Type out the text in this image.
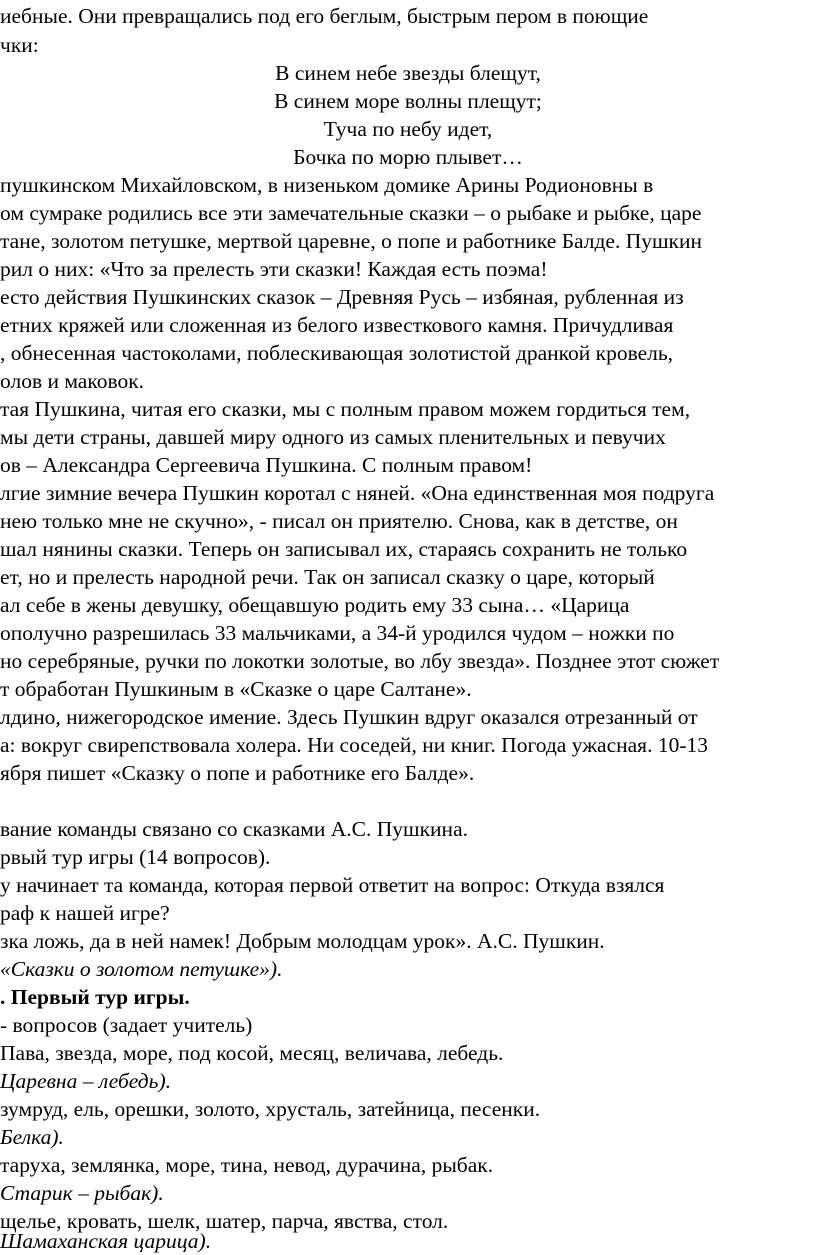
иебные. Они превращались под его беглым, быстрым пером в поющие
чки:
В синем небе звезды блещут,
В синем море волны плещут;
Туча по небу идет,
Бочка по морю плывет…
пушкинском Михайловском, в низеньком домике Арины Родионовны в
ом сумраке родились все эти замечательные сказки – о рыбаке и рыбке, царе
тане, золотом петушке, мертвой царевне, о попе и работнике Балде. Пушкин
рил о них: «Что за прелесть эти сказки! Каждая есть поэма!
есто действия Пушкинских сказок – Древняя Русь – избяная, рубленная из
етних кряжей или сложенная из белого известкового камня. Причудливая
, обнесенная частоколами, поблескивающая золотистой дранкой кровель,
олов и маковок.
тая Пушкина, читая его сказки, мы с полным правом можем гордиться тем,
мы дети страны, давшей миру одного из самых пленительных и певучих
ов – Александра Сергеевича Пушкина. С полным правом!
лгие зимние вечера Пушкин коротал с няней. «Она единственная моя подруга
нею только мне не скучно», - писал он приятелю. Снова, как в детстве, он
шал нянины сказки. Теперь он записывал их, стараясь сохранить не только
ет, но и прелесть народной речи. Так он записал сказку о царе, который
ал себе в жены девушку, обещавшую родить ему 33 сына… «Царица
ополучно разрешилась 33 мальчиками, а 34-й уродился чудом – ножки по
но серебряные, ручки по локотки золотые, во лбу звезда». Позднее этот сюжет
т обработан Пушкиным в «Сказке о царе Салтане».
лдино, нижегородское имение. Здесь Пушкин вдруг оказался отрезанный от
а: вокруг свирепствовала холера. Ни соседей, ни книг. Погода ужасная. 10-13
ября пишет «Сказку о попе и работнике его Балде».
вание команды связано со сказками А.С. Пушкина.
рвый тур игры (14 вопросов).
у начинает та команда, которая первой ответит на вопрос: Откуда взялся
раф к нашей игре?
зка ложь, да в ней намек! Добрым молодцам урок». А.С. Пушкин.
«Сказки о золотом петушке»).
. Первый тур игры.
- вопросов (задает учитель)
Пава, звезда, море, под косой, месяц, величава, лебедь.
Царевна – лебедь).
зумруд, ель, орешки, золото, хрусталь, затейница, песенки.
Белка).
таруха, землянка, море, тина, невод, дурачина, рыбак.
Старик – рыбак).
щелье, кровать, шелк, шатер, парча, явства, стол.
Шамаханская царица).
